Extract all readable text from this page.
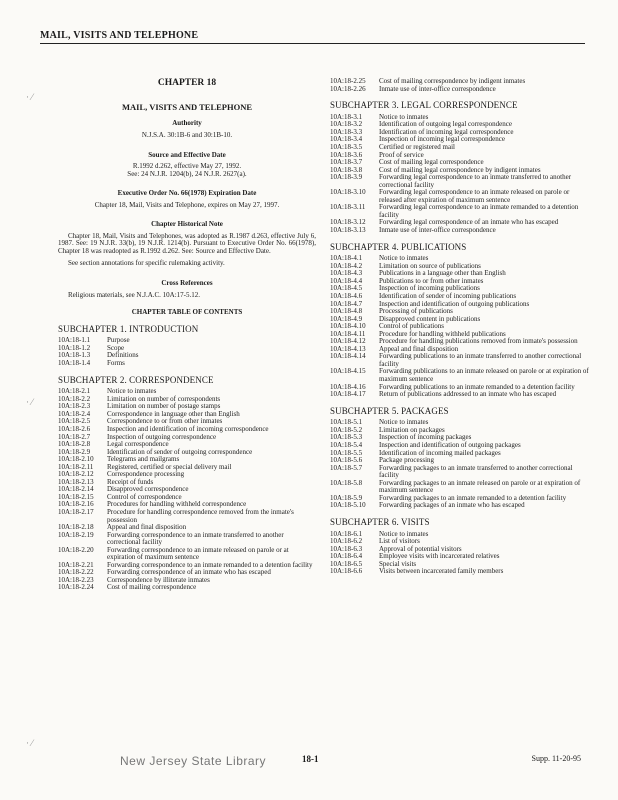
MAIL, VISITS AND TELEPHONE
· ⁄
· ⁄
· ⁄

CHAPTER 18

MAIL, VISITS AND TELEPHONE

Authority

N.J.S.A. 30:1B-6 and 30:1B-10.

Source and Effective Date

R.1992 d.262, effective May 27, 1992.

See: 24 N.J.R. 1204(b), 24 N.J.R. 2627(a).

Executive Order No. 66(1978) Expiration Date

Chapter 18, Mail, Visits and Telephone, expires on May 27, 1997.

Chapter Historical Note

Chapter 18, Mail, Visits and Telephones, was adopted as R.1987 d.263, effective July 6, 1987. See: 19 N.J.R. 33(b), 19 N.J.R. 1214(b). Pursuant to Executive Order No. 66(1978), Chapter 18 was readopted as R.1992 d.262. See: Source and Effective Date.

See section annotations for specific rulemaking activity.

Cross References

Religious materials, see N.J.A.C. 10A:17-5.12.

CHAPTER TABLE OF CONTENTS

SUBCHAPTER 1. INTRODUCTION

10A:18-1.1	Purpose
10A:18-1.2	Scope
10A:18-1.3	Definitions
10A:18-1.4	Forms

SUBCHAPTER 2. CORRESPONDENCE

10A:18-2.1	Notice to inmates
10A:18-2.2	Limitation on number of correspondents
10A:18-2.3	Limitation on number of postage stamps
10A:18-2.4	Correspondence in language other than English
10A:18-2.5	Correspondence to or from other inmates
10A:18-2.6	Inspection and identification of incoming correspondence
10A:18-2.7	Inspection of outgoing correspondence
10A:18-2.8	Legal correspondence
10A:18-2.9	Identification of sender of outgoing correspondence
10A:18-2.10	Telegrams and mailgrams
10A:18-2.11	Registered, certified or special delivery mail
10A:18-2.12	Correspondence processing
10A:18-2.13	Receipt of funds
10A:18-2.14	Disapproved correspondence
10A:18-2.15	Control of correspondence
10A:18-2.16	Procedures for handling withheld correspondence
10A:18-2.17	Procedure for handling correspondence removed from the inmate's possession
10A:18-2.18	Appeal and final disposition
10A:18-2.19	Forwarding correspondence to an inmate transferred to another correctional facility
10A:18-2.20	Forwarding correspondence to an inmate released on parole or at expiration of maximum sentence
10A:18-2.21	Forwarding correspondence to an inmate remanded to a detention facility
10A:18-2.22	Forwarding correspondence of an inmate who has escaped
10A:18-2.23	Correspondence by illiterate inmates
10A:18-2.24	Cost of mailing correspondence
10A:18-2.25	Cost of mailing correspondence by indigent inmates
10A:18-2.26	Inmate use of inter-office correspondence

SUBCHAPTER 3. LEGAL CORRESPONDENCE

10A:18-3.1	Notice to inmates
10A:18-3.2	Identification of outgoing legal correspondence
10A:18-3.3	Identification of incoming legal correspondence
10A:18-3.4	Inspection of incoming legal correspondence
10A:18-3.5	Certified or registered mail
10A:18-3.6	Proof of service
10A:18-3.7	Cost of mailing legal correspondence
10A:18-3.8	Cost of mailing legal correspondence by indigent inmates
10A:18-3.9	Forwarding legal correspondence to an inmate transferred to another correctional facility
10A:18-3.10	Forwarding legal correspondence to an inmate released on parole or released after expiration of maximum sentence
10A:18-3.11	Forwarding legal correspondence to an inmate remanded to a detention facility
10A:18-3.12	Forwarding legal correspondence of an inmate who has escaped
10A:18-3.13	Inmate use of inter-office correspondence

SUBCHAPTER 4. PUBLICATIONS

10A:18-4.1	Notice to inmates
10A:18-4.2	Limitation on source of publications
10A:18-4.3	Publications in a language other than English
10A:18-4.4	Publications to or from other inmates
10A:18-4.5	Inspection of incoming publications
10A:18-4.6	Identification of sender of incoming publications
10A:18-4.7	Inspection and identification of outgoing publications
10A:18-4.8	Processing of publications
10A:18-4.9	Disapproved content in publications
10A:18-4.10	Control of publications
10A:18-4.11	Procedure for handling withheld publications
10A:18-4.12	Procedure for handling publications removed from inmate's possession
10A:18-4.13	Appeal and final disposition
10A:18-4.14	Forwarding publications to an inmate transferred to another correctional facility
10A:18-4.15	Forwarding publications to an inmate released on parole or at expiration of maximum sentence
10A:18-4.16	Forwarding publications to an inmate remanded to a detention facility
10A:18-4.17	Return of publications addressed to an inmate who has escaped

SUBCHAPTER 5. PACKAGES

10A:18-5.1	Notice to inmates
10A:18-5.2	Limitation on packages
10A:18-5.3	Inspection of incoming packages
10A:18-5.4	Inspection and identification of outgoing packages
10A:18-5.5	Identification of incoming mailed packages
10A:18-5.6	Package processing
10A:18-5.7	Forwarding packages to an inmate transferred to another correctional facility
10A:18-5.8	Forwarding packages to an inmate released on parole or at expiration of maximum sentence
10A:18-5.9	Forwarding packages to an inmate remanded to a detention facility
10A:18-5.10	Forwarding packages of an inmate who has escaped

SUBCHAPTER 6. VISITS

10A:18-6.1	Notice to inmates
10A:18-6.2	List of visitors
10A:18-6.3	Approval of potential visitors
10A:18-6.4	Employee visits with incarcerated relatives
10A:18-6.5	Special visits
10A:18-6.6	Visits between incarcerated family members
New Jersey State Library	18-1	Supp. 11-20-95
